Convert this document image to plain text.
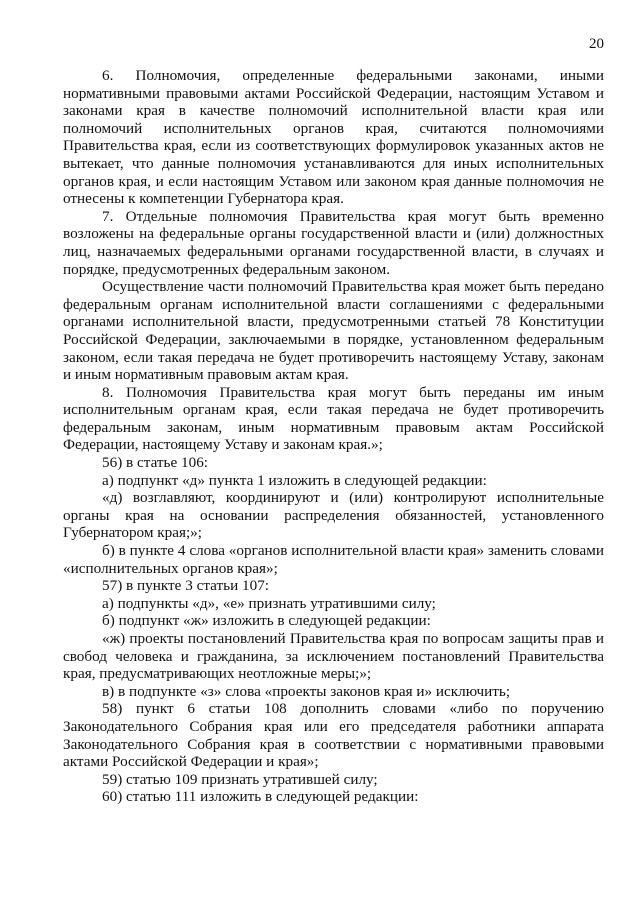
20

6. Полномочия, определенные федеральными законами, иными нормативными правовыми актами Российской Федерации, настоящим Уставом и законами края в качестве полномочий исполнительной власти края или полномочий исполнительных органов края, считаются полномочиями Правительства края, если из соответствующих формулировок указанных актов не вытекает, что данные полномочия устанавливаются для иных исполнительных органов края, и если настоящим Уставом или законом края данные полномочия не отнесены к компетенции Губернатора края.

7. Отдельные полномочия Правительства края могут быть временно возложены на федеральные органы государственной власти и (или) должностных лиц, назначаемых федеральными органами государственной власти, в случаях и порядке, предусмотренных федеральным законом.

Осуществление части полномочий Правительства края может быть передано федеральным органам исполнительной власти соглашениями с федеральными органами исполнительной власти, предусмотренными статьей 78 Конституции Российской Федерации, заключаемыми в порядке, установленном федеральным законом, если такая передача не будет противоречить настоящему Уставу, законам и иным нормативным правовым актам края.

8. Полномочия Правительства края могут быть переданы им иным исполнительным органам края, если такая передача не будет противоречить федеральным законам, иным нормативным правовым актам Российской Федерации, настоящему Уставу и законам края.»;

56) в статье 106:

а) подпункт «д» пункта 1 изложить в следующей редакции:

«д) возглавляют, координируют и (или) контролируют исполнительные органы края на основании распределения обязанностей, установленного Губернатором края;»;

б) в пункте 4 слова «органов исполнительной власти края» заменить словами «исполнительных органов края»;

57) в пункте 3 статьи 107:

а) подпункты «д», «е» признать утратившими силу;

б) подпункт «ж» изложить в следующей редакции:

«ж) проекты постановлений Правительства края по вопросам защиты прав и свобод человека и гражданина, за исключением постановлений Правительства края, предусматривающих неотложные меры;»;

в) в подпункте «з» слова «проекты законов края и» исключить;

58) пункт 6 статьи 108 дополнить словами «либо по поручению Законодательного Собрания края или его председателя работники аппарата Законодательного Собрания края в соответствии с нормативными правовыми актами Российской Федерации и края»;

59) статью 109 признать утратившей силу;

60) статью 111 изложить в следующей редакции:
